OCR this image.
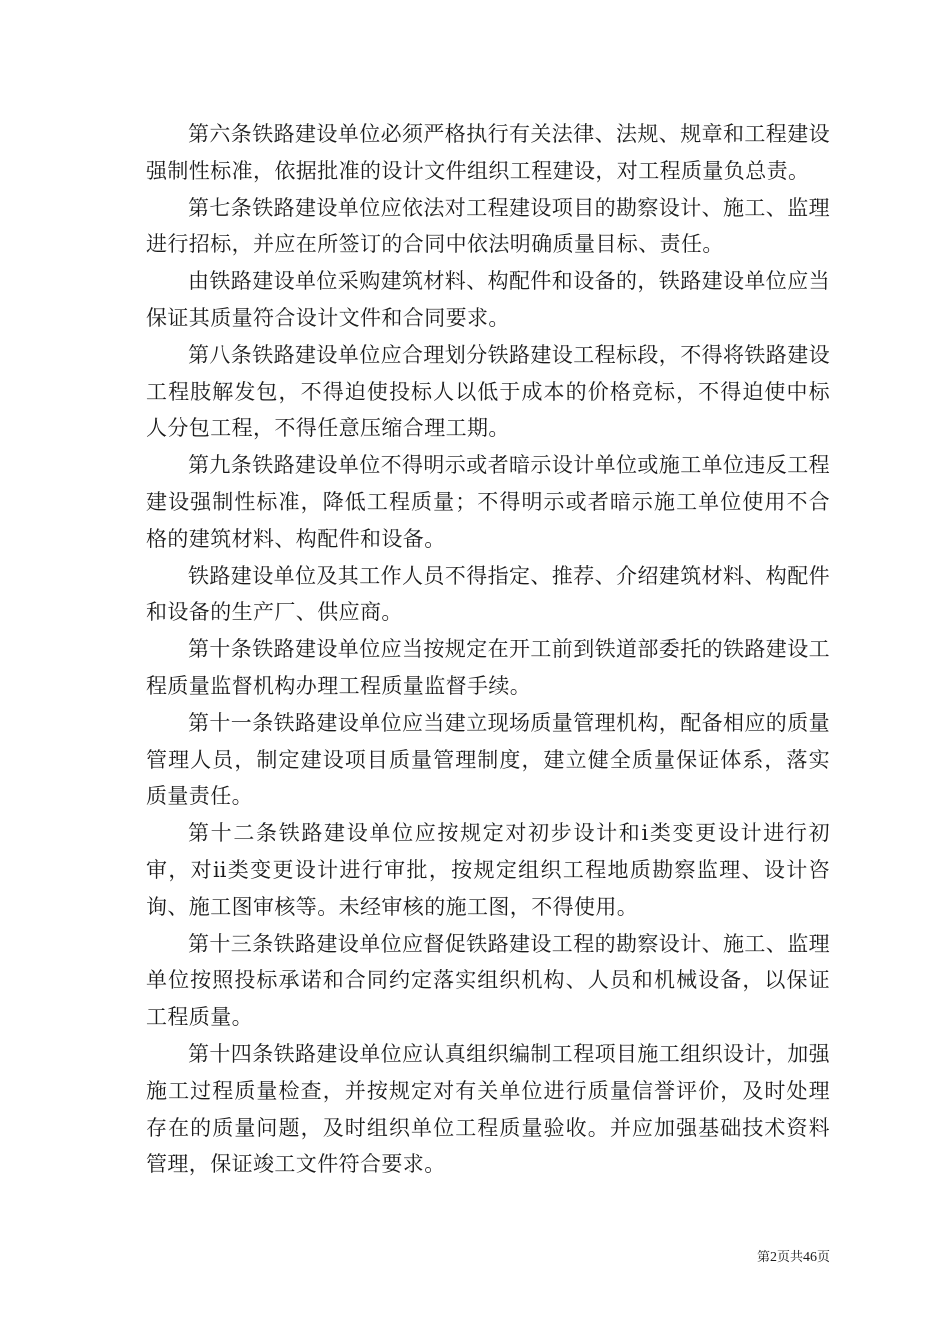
第六条铁路建设单位必须严格执行有关法律、法规、规章和工程建设强制性标准，依据批准的设计文件组织工程建设，对工程质量负总责。

第七条铁路建设单位应依法对工程建设项目的勘察设计、施工、监理进行招标，并应在所签订的合同中依法明确质量目标、责任。

由铁路建设单位采购建筑材料、构配件和设备的，铁路建设单位应当保证其质量符合设计文件和合同要求。

第八条铁路建设单位应合理划分铁路建设工程标段，不得将铁路建设工程肢解发包，不得迫使投标人以低于成本的价格竞标，不得迫使中标人分包工程，不得任意压缩合理工期。

第九条铁路建设单位不得明示或者暗示设计单位或施工单位违反工程建设强制性标准，降低工程质量；不得明示或者暗示施工单位使用不合格的建筑材料、构配件和设备。

铁路建设单位及其工作人员不得指定、推荐、介绍建筑材料、构配件和设备的生产厂、供应商。

第十条铁路建设单位应当按规定在开工前到铁道部委托的铁路建设工程质量监督机构办理工程质量监督手续。

第十一条铁路建设单位应当建立现场质量管理机构，配备相应的质量管理人员，制定建设项目质量管理制度，建立健全质量保证体系，落实质量责任。

第十二条铁路建设单位应按规定对初步设计和ⅰ类变更设计进行初审，对ⅱ类变更设计进行审批，按规定组织工程地质勘察监理、设计咨询、施工图审核等。未经审核的施工图，不得使用。

第十三条铁路建设单位应督促铁路建设工程的勘察设计、施工、监理单位按照投标承诺和合同约定落实组织机构、人员和机械设备，以保证工程质量。

第十四条铁路建设单位应认真组织编制工程项目施工组织设计，加强施工过程质量检查，并按规定对有关单位进行质量信誉评价，及时处理存在的质量问题，及时组织单位工程质量验收。并应加强基础技术资料管理，保证竣工文件符合要求。

第2页共46页
